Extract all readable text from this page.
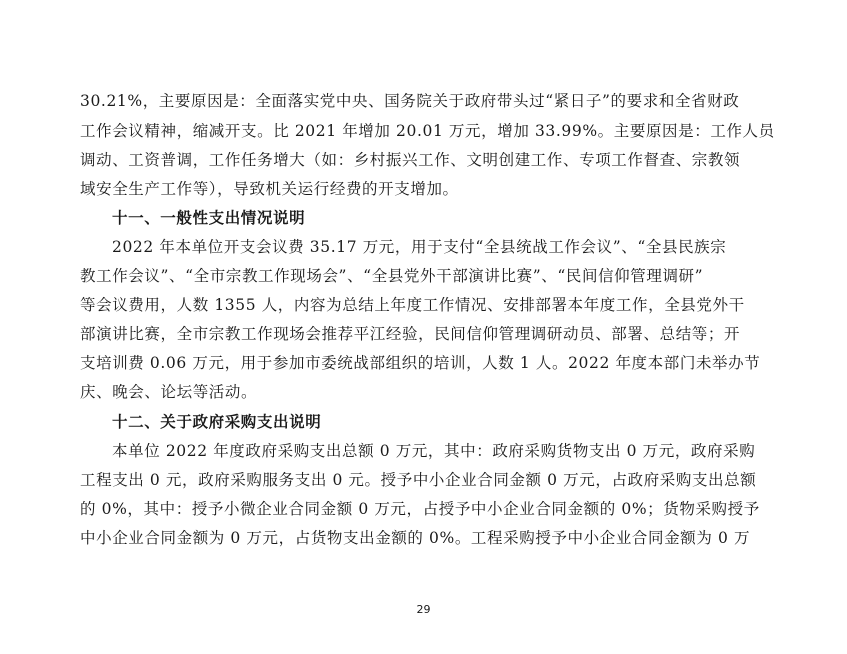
30.21%，主要原因是：全面落实党中央、国务院关于政府带头过“紧日子”的要求和全省财政
工作会议精神，缩减开支。比 2021 年增加 20.01 万元，增加 33.99%。主要原因是：工作人员
调动、工资普调，工作任务增大（如：乡村振兴工作、文明创建工作、专项工作督查、宗教领
域安全生产工作等），导致机关运行经费的开支增加。
十一、一般性支出情况说明
2022 年本单位开支会议费 35.17 万元，用于支付“全县统战工作会议”、“全县民族宗
教工作会议”、“全市宗教工作现场会”、“全县党外干部演讲比赛”、“民间信仰管理调研”
等会议费用，人数 1355 人，内容为总结上年度工作情况、安排部署本年度工作，全县党外干
部演讲比赛，全市宗教工作现场会推荐平江经验，民间信仰管理调研动员、部署、总结等；开
支培训费 0.06 万元，用于参加市委统战部组织的培训，人数 1 人。2022 年度本部门未举办节
庆、晚会、论坛等活动。
十二、关于政府采购支出说明
本单位 2022 年度政府采购支出总额 0 万元，其中：政府采购货物支出 0 万元，政府采购
工程支出 0 元，政府采购服务支出 0 元。授予中小企业合同金额 0 万元，占政府采购支出总额
的 0%，其中：授予小微企业合同金额 0 万元，占授予中小企业合同金额的 0%；货物采购授予
中小企业合同金额为 0 万元，占货物支出金额的 0%。工程采购授予中小企业合同金额为 0 万
29
